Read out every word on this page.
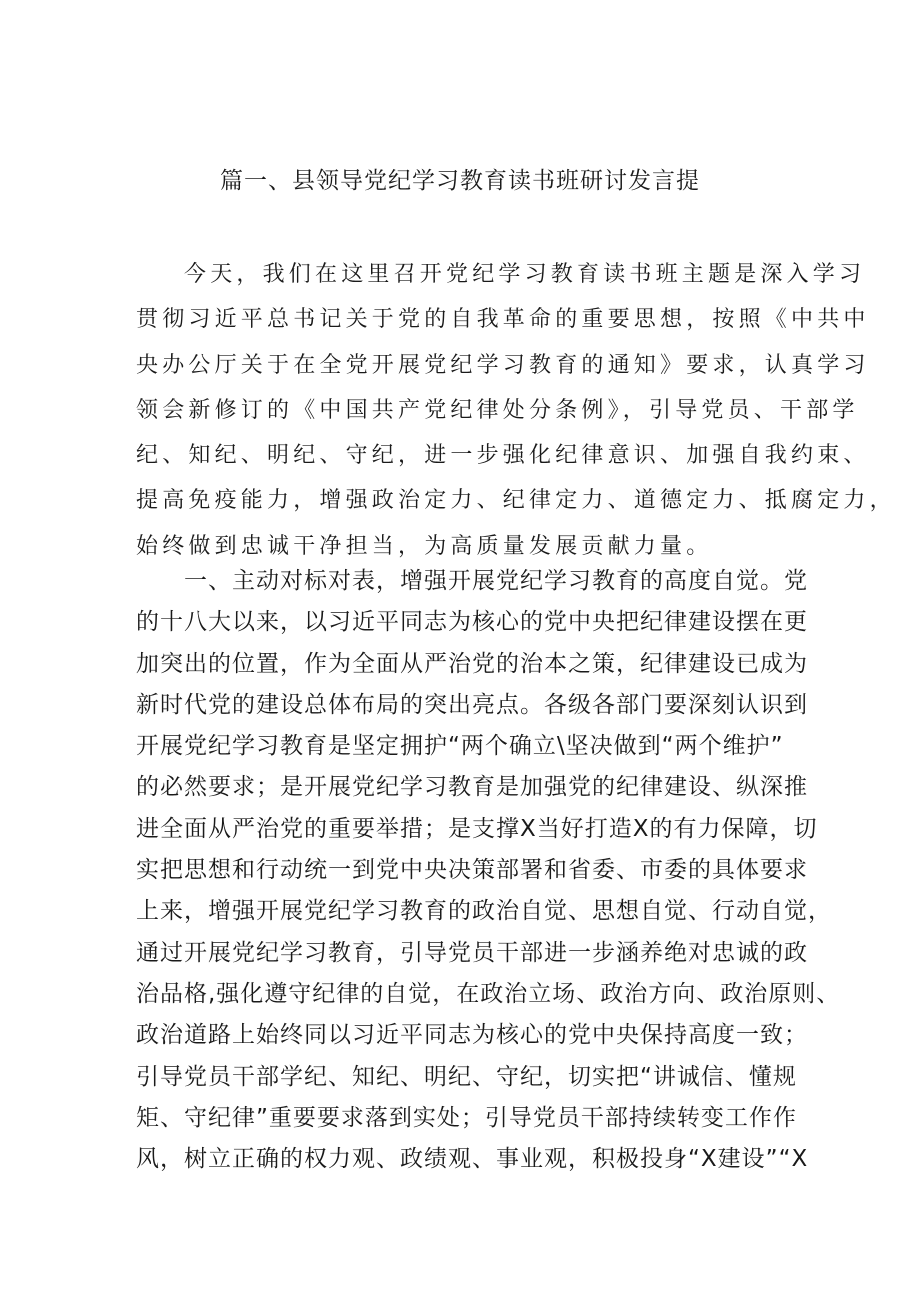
篇一、县领导党纪学习教育读书班研讨发言提
今天，我们在这里召开党纪学习教育读书班主题是深入学习
贯彻习近平总书记关于党的自我革命的重要思想，按照《中共中
央办公厅关于在全党开展党纪学习教育的通知》要求，认真学习
领会新修订的《中国共产党纪律处分条例》，引导党员、干部学
纪、知纪、明纪、守纪，进一步强化纪律意识、加强自我约束、
提高免疫能力，增强政治定力、纪律定力、道德定力、抵腐定力，
始终做到忠诚干净担当，为高质量发展贡献力量。
一、主动对标对表，增强开展党纪学习教育的高度自觉。党
的十八大以来，以习近平同志为核心的党中央把纪律建设摆在更
加突出的位置，作为全面从严治党的治本之策，纪律建设已成为
新时代党的建设总体布局的突出亮点。各级各部门要深刻认识到
开展党纪学习教育是坚定拥护“两个确立\坚决做到“两个维护”
的必然要求；是开展党纪学习教育是加强党的纪律建设、纵深推
进全面从严治党的重要举措；是支撑X当好打造X的有力保障，切
实把思想和行动统一到党中央决策部署和省委、市委的具体要求
上来，增强开展党纪学习教育的政治自觉、思想自觉、行动自觉，
通过开展党纪学习教育，引导党员干部进一步涵养绝对忠诚的政
治品格,强化遵守纪律的自觉，在政治立场、政治方向、政治原则、
政治道路上始终同以习近平同志为核心的党中央保持高度一致；
引导党员干部学纪、知纪、明纪、守纪，切实把“讲诚信、懂规
矩、守纪律”重要要求落到实处；引导党员干部持续转变工作作
风，树立正确的权力观、政绩观、事业观，积极投身“X建设”“X
